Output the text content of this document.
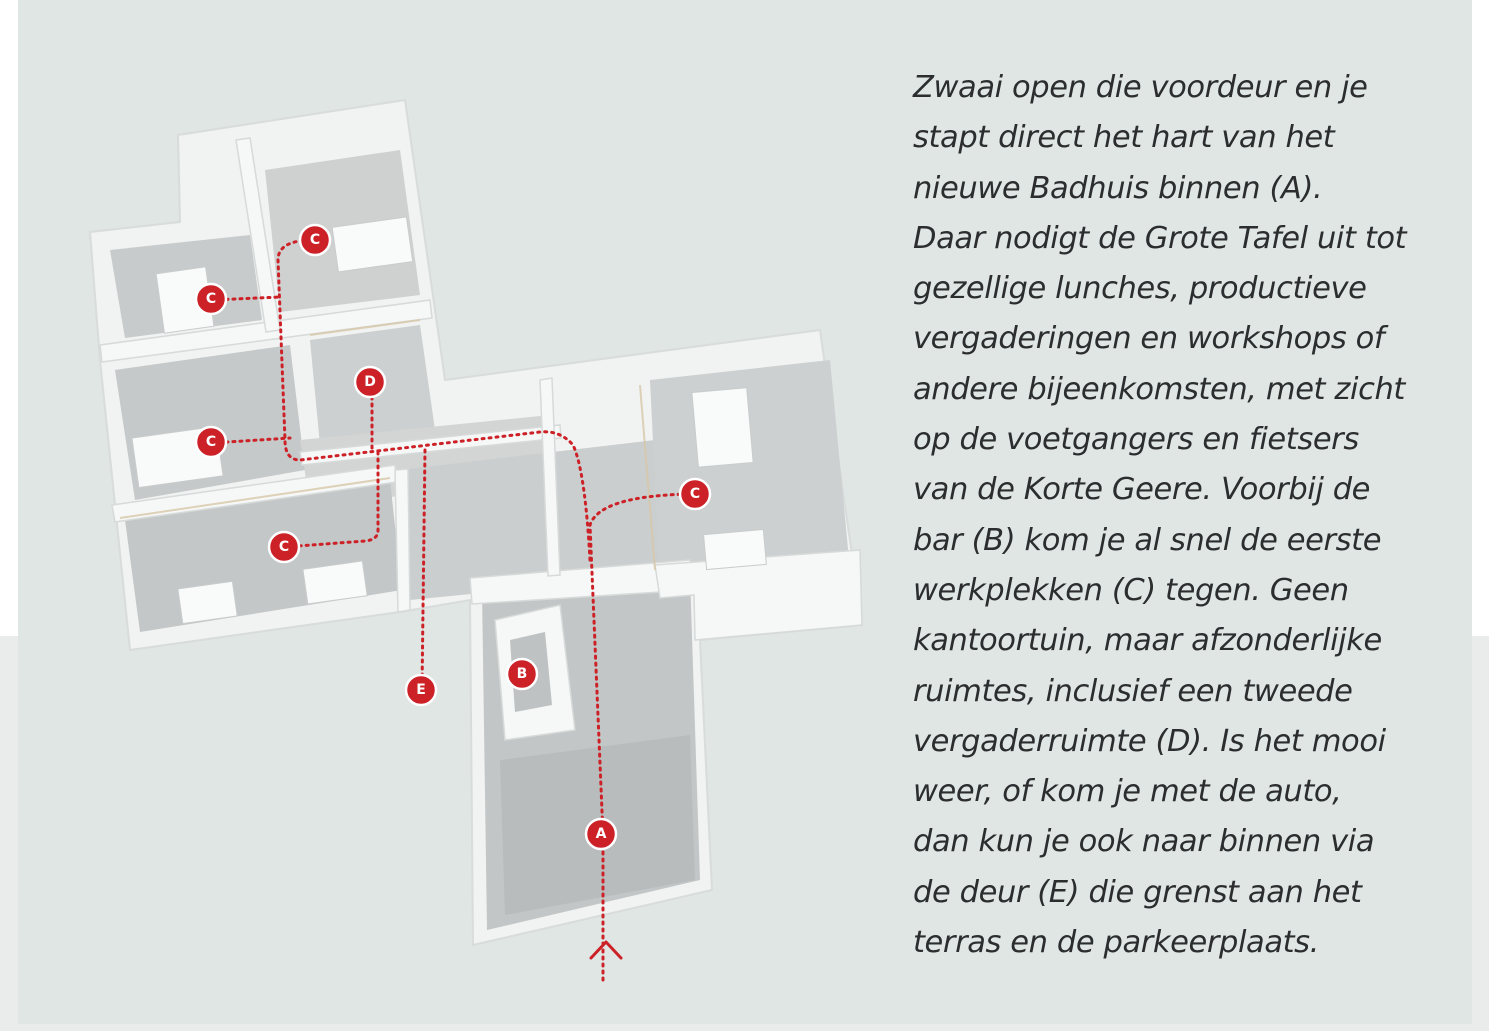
A
B
C
C
C
C
C
D
E

Zwaai open die voordeur en je
stapt direct het hart van het
nieuwe Badhuis binnen (A).
Daar nodigt de Grote Tafel uit tot
gezellige lunches, productieve
vergaderingen en workshops of
andere bijeenkomsten, met zicht
op de voetgangers en fietsers
van de Korte Geere. Voorbij de
bar (B) kom je al snel de eerste
werkplekken (C) tegen. Geen
kantoortuin, maar afzonderlijke
ruimtes, inclusief een tweede
vergaderruimte (D). Is het mooi
weer, of kom je met de auto,
dan kun je ook naar binnen via
de deur (E) die grenst aan het
terras en de parkeerplaats.
